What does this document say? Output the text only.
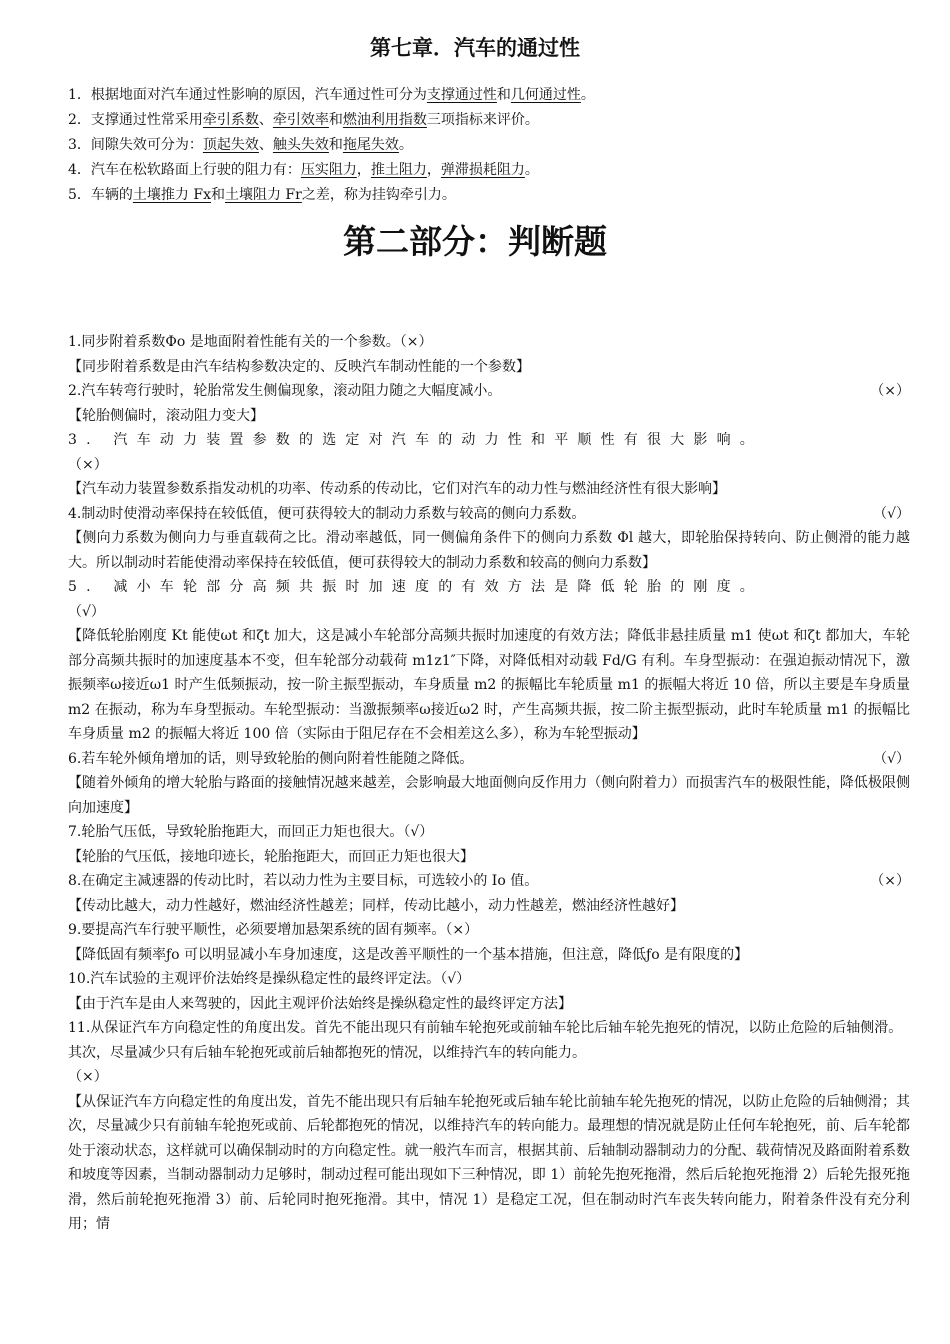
第七章．汽车的通过性
1．根据地面对汽车通过性影响的原因，汽车通过性可分为支撑通过性和几何通过性。
2．支撑通过性常采用牵引系数、牵引效率和燃油利用指数三项指标来评价。
3．间隙失效可分为：顶起失效、触头失效和拖尾失效。
4．汽车在松软路面上行驶的阻力有：压实阻力，推土阻力，弹滞损耗阻力。
5．车辆的土壤推力 Fx和土壤阻力 Fr之差，称为挂钩牵引力。
第二部分：判断题
1.同步附着系数Φo 是地面附着性能有关的一个参数。（×）
【同步附着系数是由汽车结构参数决定的、反映汽车制动性能的一个参数】
2.汽车转弯行驶时，轮胎常发生侧偏现象，滚动阻力随之大幅度减小。	（×）
【轮胎侧偏时，滚动阻力变大】
3. 汽车动力装置参数的选定对汽车的动力性和平顺性有很大影响。
（×）
【汽车动力装置参数系指发动机的功率、传动系的传动比，它们对汽车的动力性与燃油经济性有很大影响】
4.制动时使滑动率保持在较低值，便可获得较大的制动力系数与较高的侧向力系数。	（√）
【侧向力系数为侧向力与垂直载荷之比。滑动率越低，同一侧偏角条件下的侧向力系数 Φl 越大，即轮胎保持转向、防止侧滑的能力越大。所以制动时若能使滑动率保持在较低值，便可获得较大的制动力系数和较高的侧向力系数】
5. 减小车轮部分高频共振时加速度的有效方法是降低轮胎的刚度。
（√）
【降低轮胎刚度 Kt 能使ωt 和ζt 加大，这是减小车轮部分高频共振时加速度的有效方法；降低非悬挂质量 m1 使ωt 和ζt 都加大，车轮部分高频共振时的加速度基本不变，但车轮部分动载荷 m1z1″下降，对降低相对动载 Fd/G 有利。车身型振动：在强迫振动情况下，激振频率ω接近ω1 时产生低频振动，按一阶主振型振动，车身质量 m2 的振幅比车轮质量 m1 的振幅大将近 10 倍，所以主要是车身质量 m2 在振动，称为车身型振动。车轮型振动：当激振频率ω接近ω2 时，产生高频共振，按二阶主振型振动，此时车轮质量 m1 的振幅比车身质量 m2 的振幅大将近 100 倍（实际由于阻尼存在不会相差这么多），称为车轮型振动】
6.若车轮外倾角增加的话，则导致轮胎的侧向附着性能随之降低。	（√）
【随着外倾角的增大轮胎与路面的接触情况越来越差，会影响最大地面侧向反作用力（侧向附着力）而损害汽车的极限性能，降低极限侧向加速度】
7.轮胎气压低，导致轮胎拖距大，而回正力矩也很大。（√）
【轮胎的气压低，接地印迹长，轮胎拖距大，而回正力矩也很大】
8.在确定主减速器的传动比时，若以动力性为主要目标，可选较小的 Io 值。	（×）
【传动比越大，动力性越好，燃油经济性越差；同样，传动比越小，动力性越差，燃油经济性越好】
9.要提高汽车行驶平顺性，必须要增加悬架系统的固有频率。（×）
【降低固有频率ƒo 可以明显减小车身加速度，这是改善平顺性的一个基本措施，但注意，降低ƒo 是有限度的】
10.汽车试验的主观评价法始终是操纵稳定性的最终评定法。（√）
【由于汽车是由人来驾驶的，因此主观评价法始终是操纵稳定性的最终评定方法】
11.从保证汽车方向稳定性的角度出发。首先不能出现只有前轴车轮抱死或前轴车轮比后轴车轮先抱死的情况，以防止危险的后轴侧滑。其次，尽量减少只有后轴车轮抱死或前后轴都抱死的情况，以维持汽车的转向能力。
（×）
【从保证汽车方向稳定性的角度出发，首先不能出现只有后轴车轮抱死或后轴车轮比前轴车轮先抱死的情况，以防止危险的后轴侧滑；其次，尽量减少只有前轴车轮抱死或前、后轮都抱死的情况，以维持汽车的转向能力。最理想的情况就是防止任何车轮抱死，前、后车轮都处于滚动状态，这样就可以确保制动时的方向稳定性。就一般汽车而言，根据其前、后轴制动器制动力的分配、载荷情况及路面附着系数和坡度等因素，当制动器制动力足够时，制动过程可能出现如下三种情况，即 1）前轮先抱死拖滑，然后后轮抱死拖滑 2）后轮先报死拖滑，然后前轮抱死拖滑 3）前、后轮同时抱死拖滑。其中，情况 1）是稳定工况，但在制动时汽车丧失转向能力，附着条件没有充分利用；情
